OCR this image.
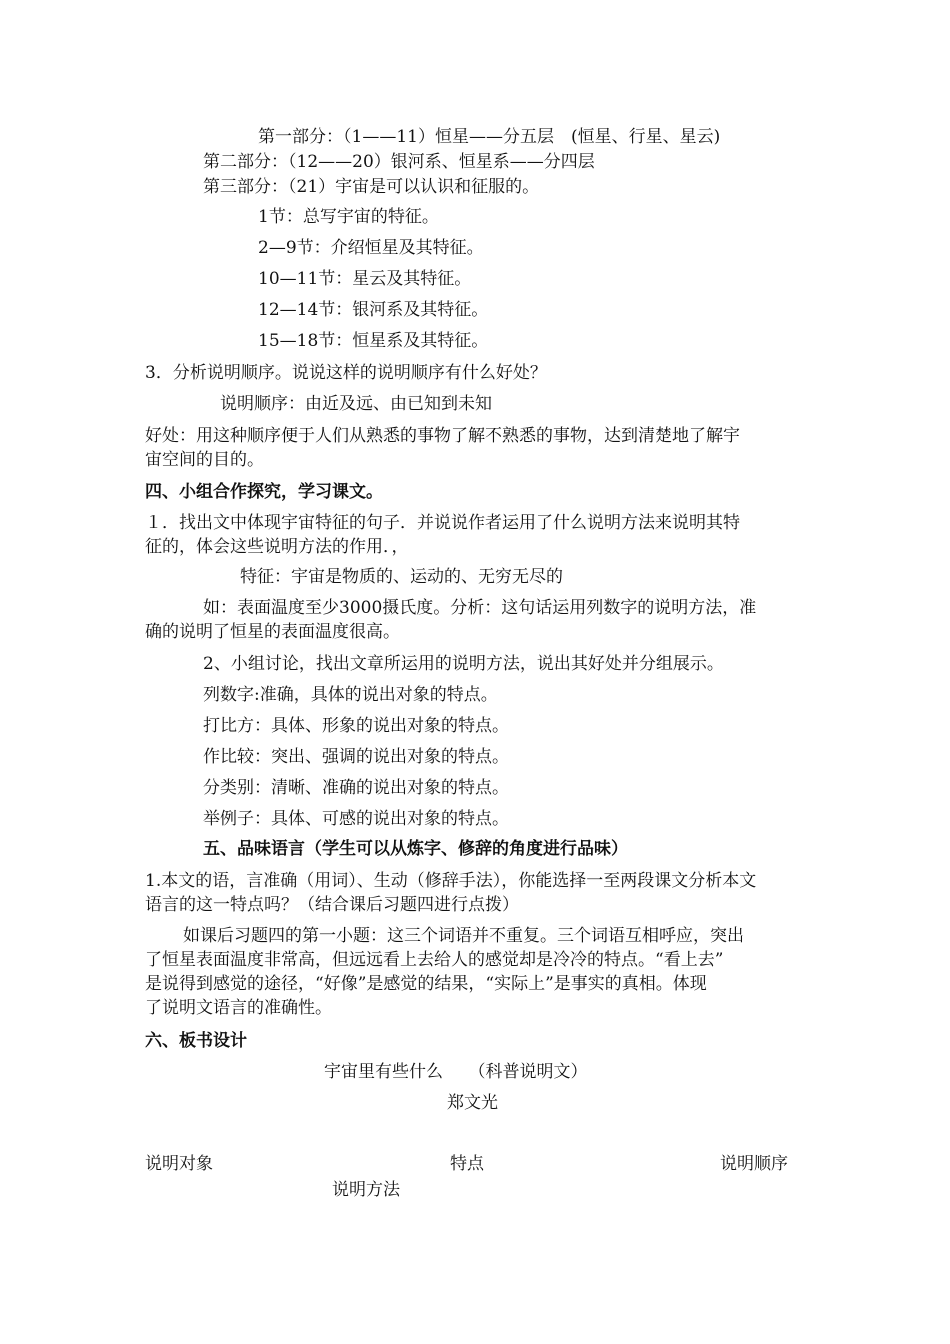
第一部分：（1——11）恒星——分五层　(恒星、行星、星云)
第二部分：（12——20）银河系、恒星系——分四层
第三部分：（21）宇宙是可以认识和征服的。
1节：总写宇宙的特征。
2—9节：介绍恒星及其特征。
10—11节：星云及其特征。
12—14节：银河系及其特征。
15—18节：恒星系及其特征。
3．分析说明顺序。说说这样的说明顺序有什么好处？
说明顺序：由近及远、由已知到未知
好处：用这种顺序便于人们从熟悉的事物了解不熟悉的事物，达到清楚地了解宇
宙空间的目的。
四、小组合作探究，学习课文。
１．找出文中体现宇宙特征的句子．并说说作者运用了什么说明方法来说明其特
征的，体会这些说明方法的作用．，
特征：宇宙是物质的、运动的、无穷无尽的
如：表面温度至少3000摄氏度。分析：这句话运用列数字的说明方法，准
确的说明了恒星的表面温度很高。
2、小组讨论，找出文章所运用的说明方法，说出其好处并分组展示。
列数字:准确，具体的说出对象的特点。
打比方：具体、形象的说出对象的特点。
作比较：突出、强调的说出对象的特点。
分类别：清晰、准确的说出对象的特点。
举例子：具体、可感的说出对象的特点。
五、品味语言（学生可以从炼字、修辞的角度进行品味）
1.本文的语，言准确（用词）、生动（修辞手法），你能选择一至两段课文分析本文
语言的这一特点吗？（结合课后习题四进行点拨）
如课后习题四的第一小题：这三个词语并不重复。三个词语互相呼应，突出
了恒星表面温度非常高，但远远看上去给人的感觉却是冷冷的特点。“看上去”
是说得到感觉的途径，“好像”是感觉的结果，“实际上”是事实的真相。体现
了说明文语言的准确性。
六、板书设计
宇宙里有些什么　　（科普说明文）
郑文光
说明对象	特点	说明顺序
说明方法
